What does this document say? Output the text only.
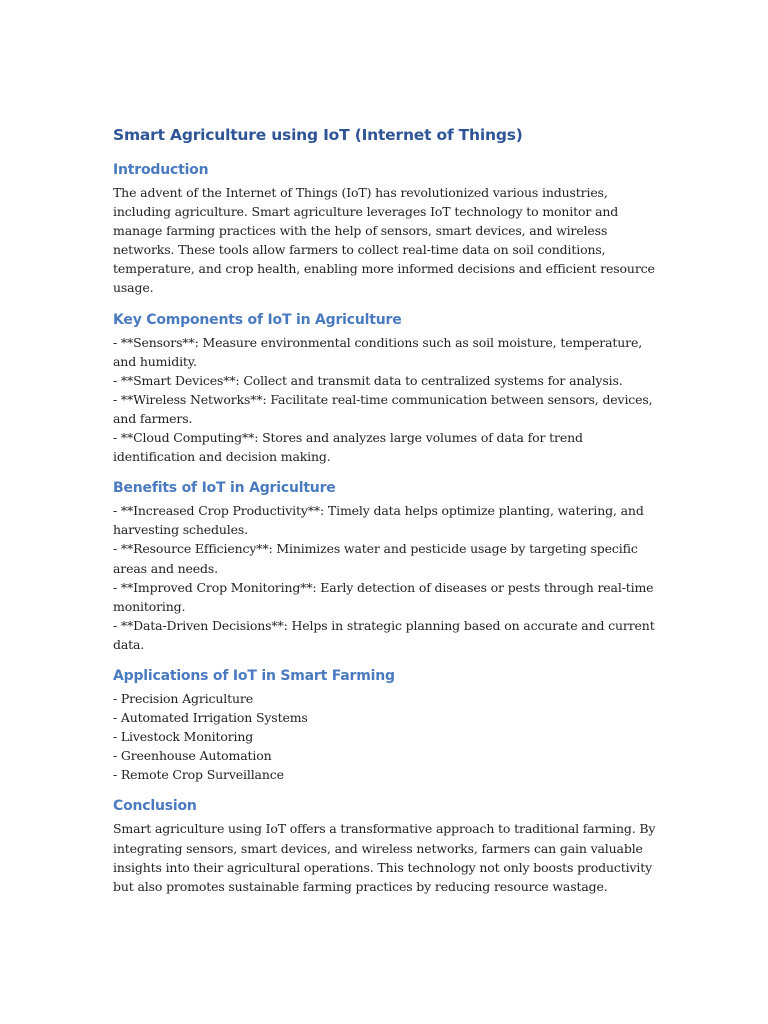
Smart Agriculture using IoT (Internet of Things)
Introduction

The advent of the Internet of Things (IoT) has revolutionized various industries, including agriculture. Smart agriculture leverages IoT technology to monitor and manage farming practices with the help of sensors, smart devices, and wireless networks. These tools allow farmers to collect real-time data on soil conditions, temperature, and crop health, enabling more informed decisions and efficient resource usage.

Key Components of IoT in Agriculture
- **Sensors**: Measure environmental conditions such as soil moisture, temperature, and humidity.
- **Smart Devices**: Collect and transmit data to centralized systems for analysis.
- **Wireless Networks**: Facilitate real-time communication between sensors, devices, and farmers.
- **Cloud Computing**: Stores and analyzes large volumes of data for trend identification and decision making.
Benefits of IoT in Agriculture
- **Increased Crop Productivity**: Timely data helps optimize planting, watering, and harvesting schedules.
- **Resource Efficiency**: Minimizes water and pesticide usage by targeting specific areas and needs.
- **Improved Crop Monitoring**: Early detection of diseases or pests through real-time monitoring.
- **Data-Driven Decisions**: Helps in strategic planning based on accurate and current data.
Applications of IoT in Smart Farming
- Precision Agriculture
- Automated Irrigation Systems
- Livestock Monitoring
- Greenhouse Automation
- Remote Crop Surveillance
Conclusion

Smart agriculture using IoT offers a transformative approach to traditional farming. By integrating sensors, smart devices, and wireless networks, farmers can gain valuable insights into their agricultural operations. This technology not only boosts productivity but also promotes sustainable farming practices by reducing resource wastage.
